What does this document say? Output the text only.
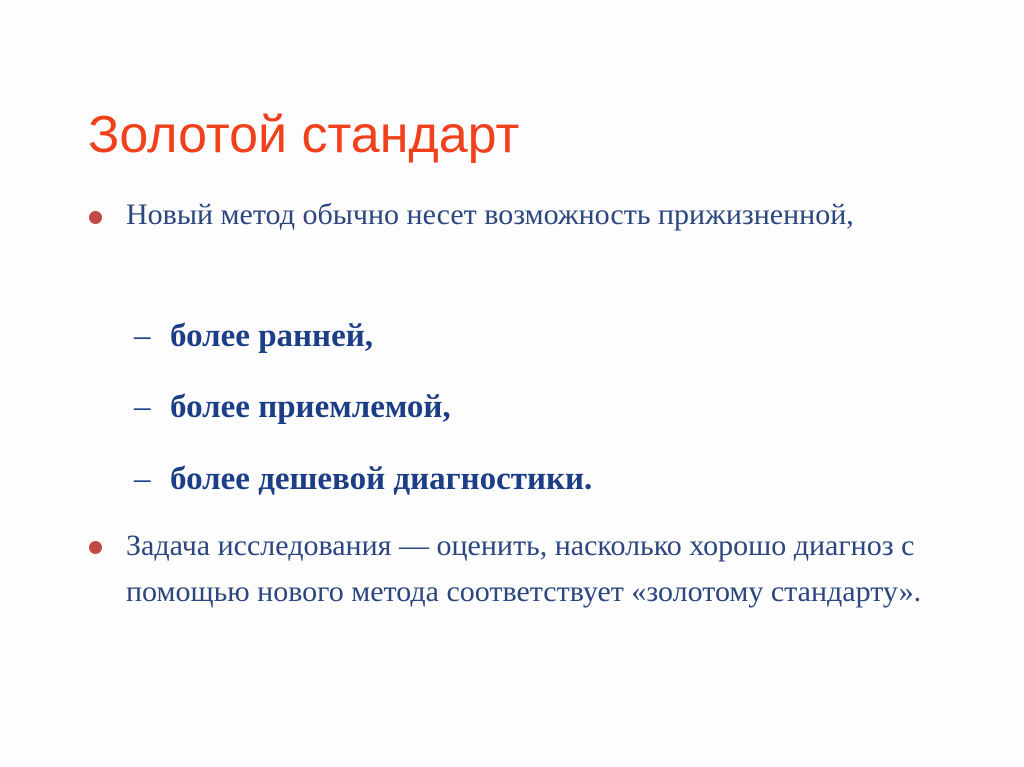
Золотой стандарт
Новый метод обычно несет возможность прижизненной,
– более ранней,
– более приемлемой,
– более дешевой диагностики.
Задача исследования — оценить, насколько хорошо диагноз с помощью нового метода соответствует «золотому стандарту».
